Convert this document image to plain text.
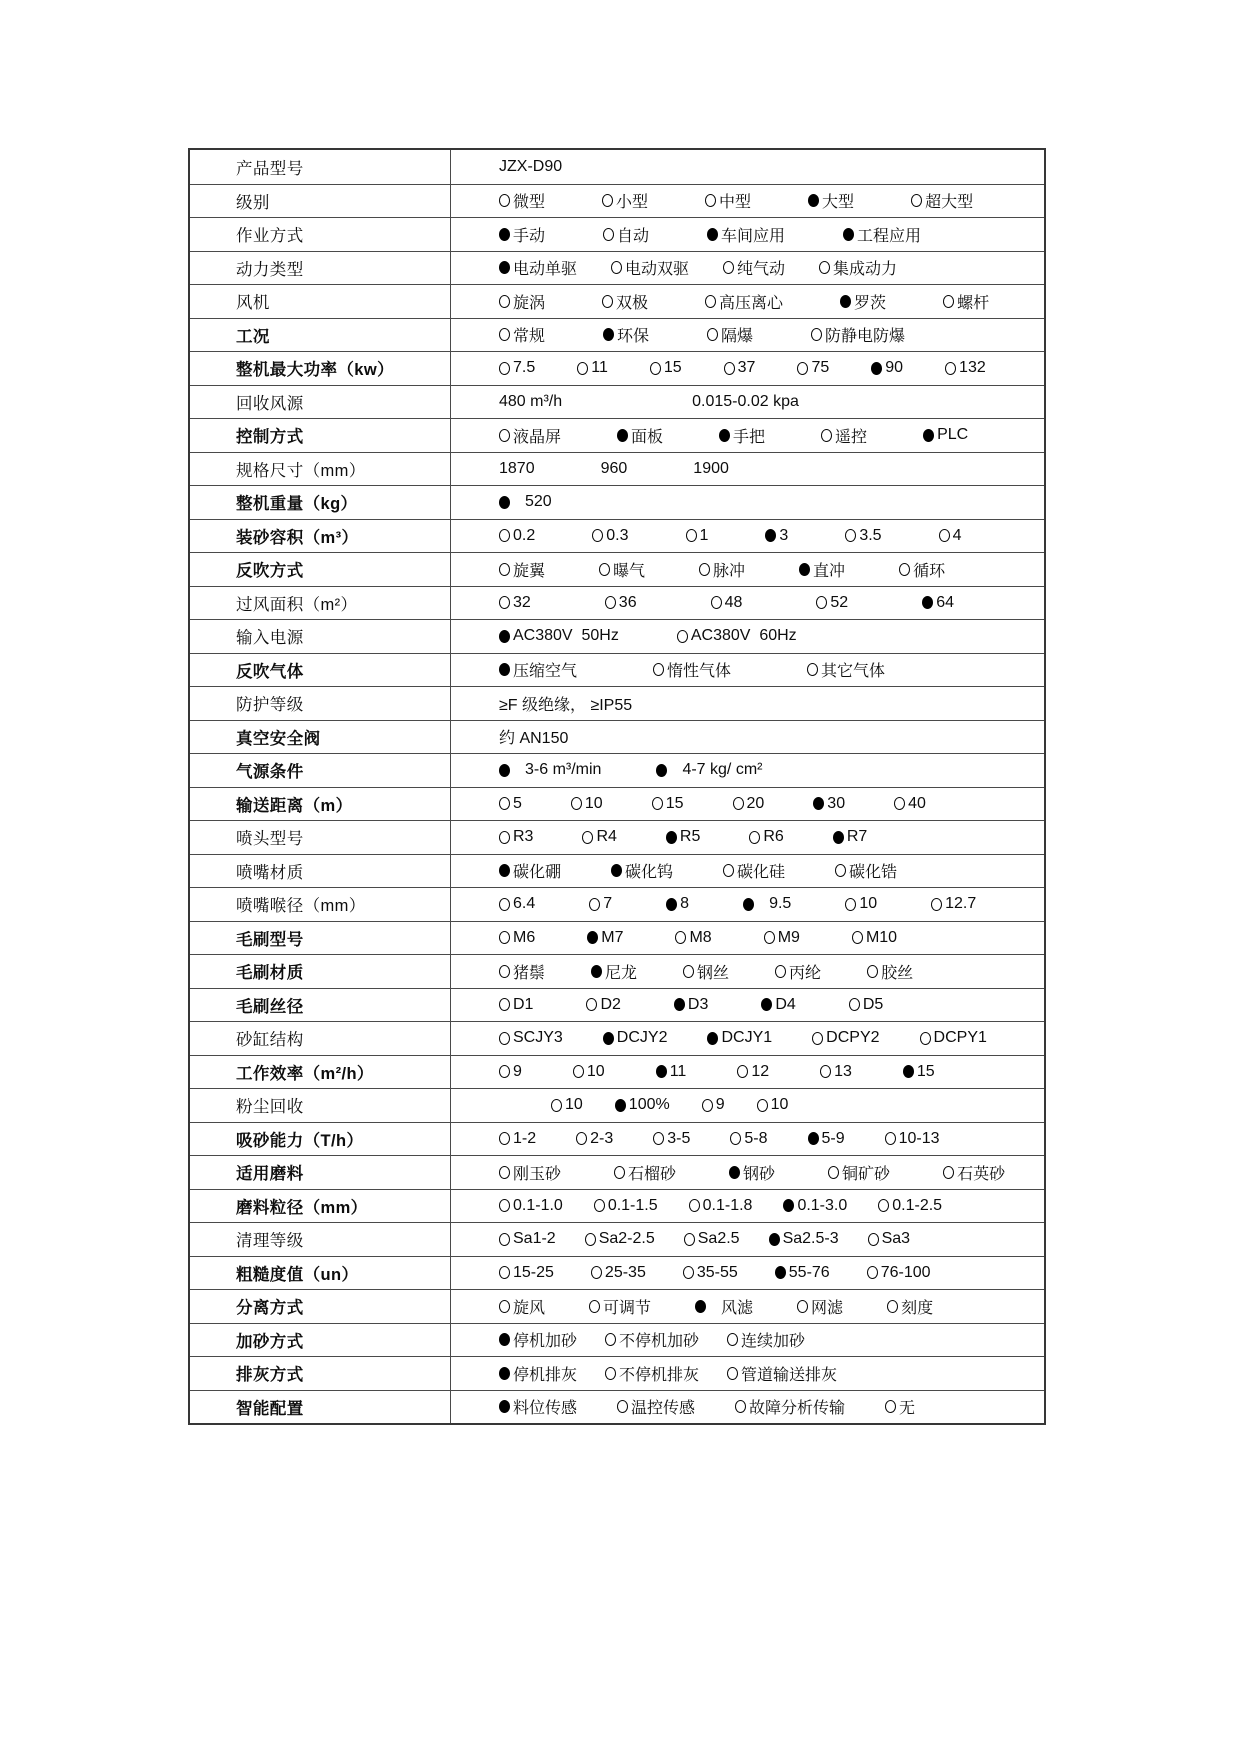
产品型号	JZX-D90
级别	微型	小型	中型	大型	超大型
作业方式	手动	自动	车间应用	工程应用
动力类型	电动单驱	电动双驱	纯气动	集成动力
风机	旋涡	双极	高压离心	罗茨	螺杆
工况	常规	环保	隔爆	防静电防爆
整机最大功率（kw）	7.5	11	15	37	75	90	132
回收风源	480 m³/h	0.015-0.02 kpa
控制方式	液晶屏	面板	手把	遥控	PLC
规格尺寸（mm）	1870	960	1900
整机重量（kg）	520
装砂容积（m³）	0.2	0.3	1	3	3.5	4
反吹方式	旋翼	曝气	脉冲	直冲	循环
过风面积（m²）	32	36	48	52	64
输入电源	AC380V  50Hz	AC380V  60Hz
反吹气体	压缩空气	惰性气体	其它气体
防护等级	≥F 级绝缘， ≥IP55
真空安全阀	约 AN150
气源条件	3-6 m³/min	4-7 kg/ cm²
输送距离（m）	5	10	15	20	30	40
喷头型号	R3	R4	R5	R6	R7
喷嘴材质	碳化硼	碳化钨	碳化硅	碳化锆
喷嘴喉径（mm）	6.4	7	8	9.5	10	12.7
毛刷型号	M6	M7	M8	M9	M10
毛刷材质	猪鬃	尼龙	钢丝	丙纶	胶丝
毛刷丝径	D1	D2	D3	D4	D5
砂缸结构	SCJY3	DCJY2	DCJY1	DCPY2	DCPY1
工作效率（m²/h）	9	10	11	12	13	15
粉尘回收	10	100%	9	10
吸砂能力（T/h）	1-2	2-3	3-5	5-8	5-9	10-13
适用磨料	刚玉砂	石榴砂	钢砂	铜矿砂	石英砂
磨料粒径（mm）	0.1-1.0	0.1-1.5	0.1-1.8	0.1-3.0	0.1-2.5
清理等级	Sa1-2	Sa2-2.5	Sa2.5	Sa2.5-3	Sa3
粗糙度值（un）	15-25	25-35	35-55	55-76	76-100
分离方式	旋风	可调节	风滤	网滤	刻度
加砂方式	停机加砂	不停机加砂	连续加砂
排灰方式	停机排灰	不停机排灰	管道输送排灰
智能配置	料位传感	温控传感	故障分析传输	无
